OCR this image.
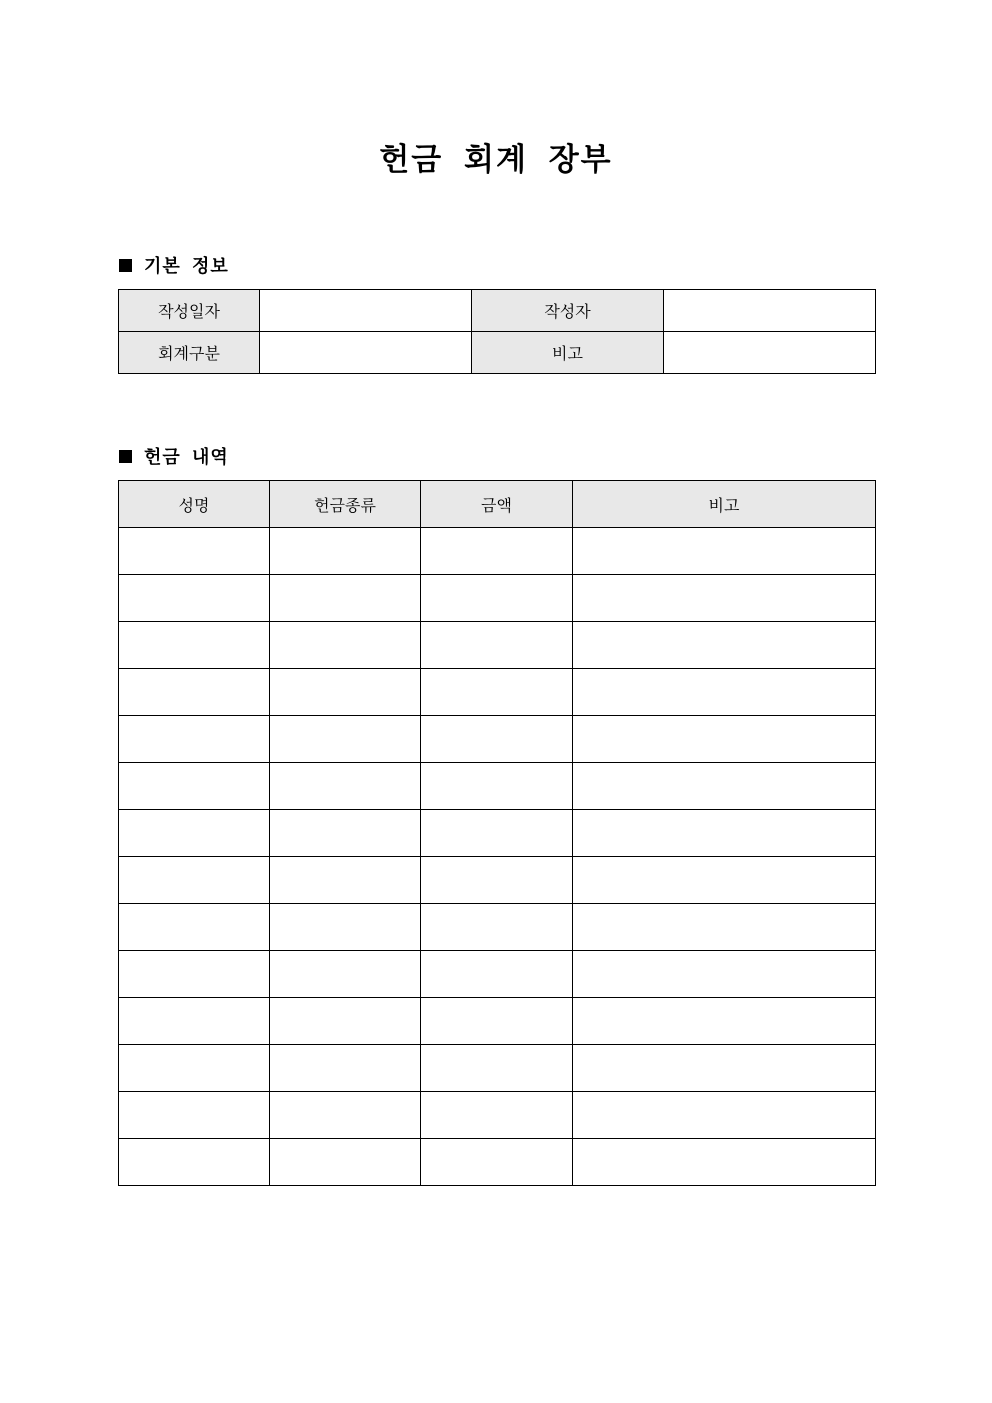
헌금 회계 장부
기본 정보
작성일자		작성자	
회계구분		비고	
헌금 내역
성명	헌금종류	금액	비고
